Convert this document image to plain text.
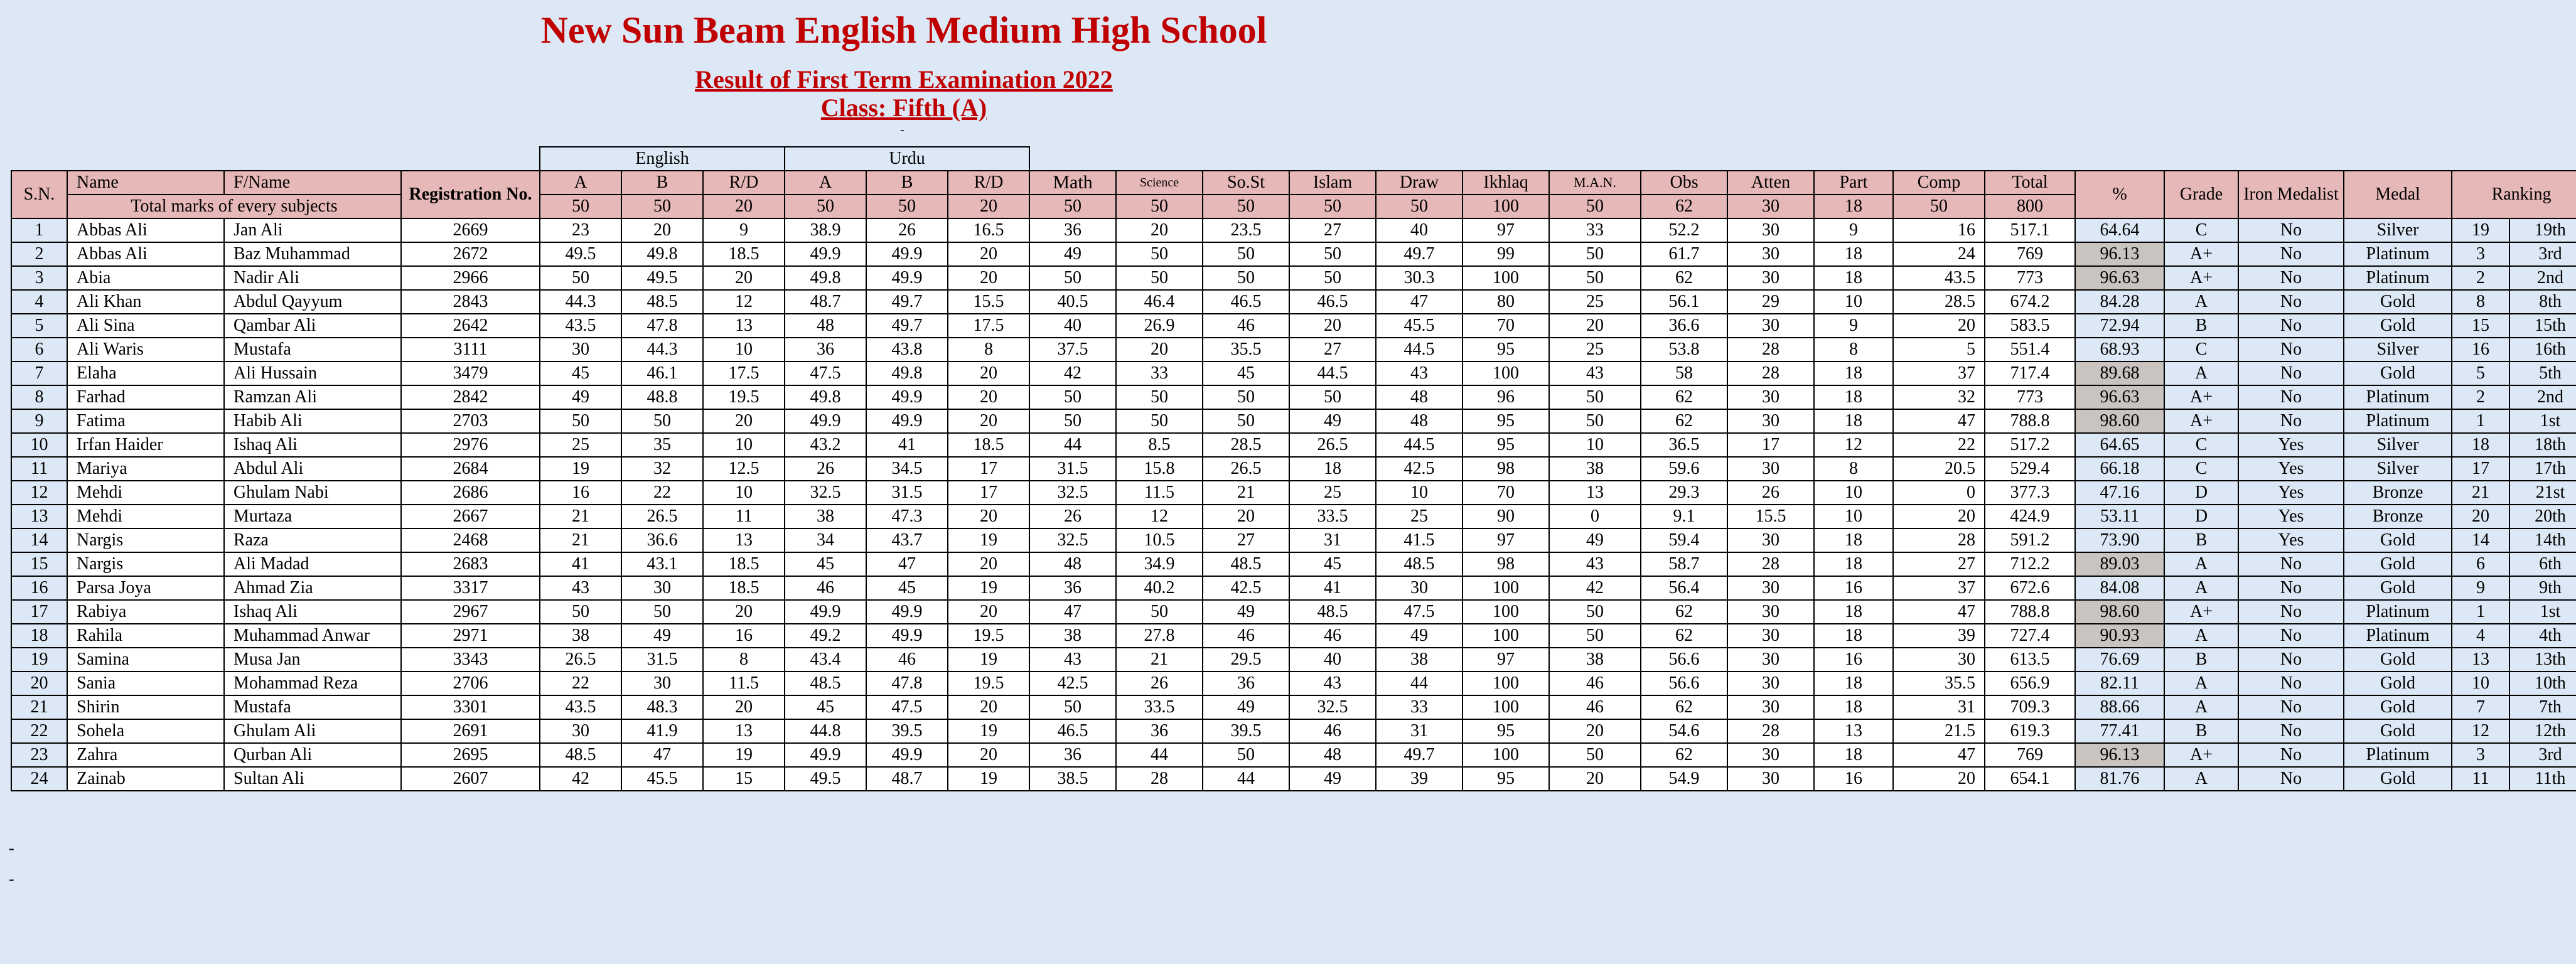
New Sun Beam English Medium High School
Result of First Term Examination 2022
Class: Fifth (A)
-
-
-
				English			Urdu																				
S.N.	Name	F/Name	Registration No.	A	B	R/D	A	B	R/D	Math	Science	So.St	Islam	Draw	Ikhlaq	M.A.N.	Obs	Atten	Part	Comp	Total	%	Grade	Iron Medalist	Medal	Ranking	
	Total marks of every subjects			50	50	20	50	50	20	50	50	50	50	50	100	50	62	30	18	50	800						
1	Abbas Ali	Jan Ali	2669	23	20	9	38.9	26	16.5	36	20	23.5	27	40	97	33	52.2	30	9	16	517.1	64.64	C	No	Silver	19	19th
2	Abbas Ali	Baz Muhammad	2672	49.5	49.8	18.5	49.9	49.9	20	49	50	50	50	49.7	99	50	61.7	30	18	24	769	96.13	A+	No	Platinum	3	3rd
3	Abia	Nadir Ali	2966	50	49.5	20	49.8	49.9	20	50	50	50	50	30.3	100	50	62	30	18	43.5	773	96.63	A+	No	Platinum	2	2nd
4	Ali Khan	Abdul Qayyum	2843	44.3	48.5	12	48.7	49.7	15.5	40.5	46.4	46.5	46.5	47	80	25	56.1	29	10	28.5	674.2	84.28	A	No	Gold	8	8th
5	Ali Sina	Qambar Ali	2642	43.5	47.8	13	48	49.7	17.5	40	26.9	46	20	45.5	70	20	36.6	30	9	20	583.5	72.94	B	No	Gold	15	15th
6	Ali Waris	Mustafa	3111	30	44.3	10	36	43.8	8	37.5	20	35.5	27	44.5	95	25	53.8	28	8	5	551.4	68.93	C	No	Silver	16	16th
7	Elaha	Ali Hussain	3479	45	46.1	17.5	47.5	49.8	20	42	33	45	44.5	43	100	43	58	28	18	37	717.4	89.68	A	No	Gold	5	5th
8	Farhad	Ramzan Ali	2842	49	48.8	19.5	49.8	49.9	20	50	50	50	50	48	96	50	62	30	18	32	773	96.63	A+	No	Platinum	2	2nd
9	Fatima	Habib Ali	2703	50	50	20	49.9	49.9	20	50	50	50	49	48	95	50	62	30	18	47	788.8	98.60	A+	No	Platinum	1	1st
10	Irfan Haider	Ishaq Ali	2976	25	35	10	43.2	41	18.5	44	8.5	28.5	26.5	44.5	95	10	36.5	17	12	22	517.2	64.65	C	Yes	Silver	18	18th
11	Mariya	Abdul Ali	2684	19	32	12.5	26	34.5	17	31.5	15.8	26.5	18	42.5	98	38	59.6	30	8	20.5	529.4	66.18	C	Yes	Silver	17	17th
12	Mehdi	Ghulam Nabi	2686	16	22	10	32.5	31.5	17	32.5	11.5	21	25	10	70	13	29.3	26	10	0	377.3	47.16	D	Yes	Bronze	21	21st
13	Mehdi	Murtaza	2667	21	26.5	11	38	47.3	20	26	12	20	33.5	25	90	0	9.1	15.5	10	20	424.9	53.11	D	Yes	Bronze	20	20th
14	Nargis	Raza	2468	21	36.6	13	34	43.7	19	32.5	10.5	27	31	41.5	97	49	59.4	30	18	28	591.2	73.90	B	Yes	Gold	14	14th
15	Nargis	Ali Madad	2683	41	43.1	18.5	45	47	20	48	34.9	48.5	45	48.5	98	43	58.7	28	18	27	712.2	89.03	A	No	Gold	6	6th
16	Parsa Joya	Ahmad Zia	3317	43	30	18.5	46	45	19	36	40.2	42.5	41	30	100	42	56.4	30	16	37	672.6	84.08	A	No	Gold	9	9th
17	Rabiya	Ishaq Ali	2967	50	50	20	49.9	49.9	20	47	50	49	48.5	47.5	100	50	62	30	18	47	788.8	98.60	A+	No	Platinum	1	1st
18	Rahila	Muhammad Anwar	2971	38	49	16	49.2	49.9	19.5	38	27.8	46	46	49	100	50	62	30	18	39	727.4	90.93	A	No	Platinum	4	4th
19	Samina	Musa Jan	3343	26.5	31.5	8	43.4	46	19	43	21	29.5	40	38	97	38	56.6	30	16	30	613.5	76.69	B	No	Gold	13	13th
20	Sania	Mohammad Reza	2706	22	30	11.5	48.5	47.8	19.5	42.5	26	36	43	44	100	46	56.6	30	18	35.5	656.9	82.11	A	No	Gold	10	10th
21	Shirin	Mustafa	3301	43.5	48.3	20	45	47.5	20	50	33.5	49	32.5	33	100	46	62	30	18	31	709.3	88.66	A	No	Gold	7	7th
22	Sohela	Ghulam Ali	2691	30	41.9	13	44.8	39.5	19	46.5	36	39.5	46	31	95	20	54.6	28	13	21.5	619.3	77.41	B	No	Gold	12	12th
23	Zahra	Qurban Ali	2695	48.5	47	19	49.9	49.9	20	36	44	50	48	49.7	100	50	62	30	18	47	769	96.13	A+	No	Platinum	3	3rd
24	Zainab	Sultan Ali	2607	42	45.5	15	49.5	48.7	19	38.5	28	44	49	39	95	20	54.9	30	16	20	654.1	81.76	A	No	Gold	11	11th
